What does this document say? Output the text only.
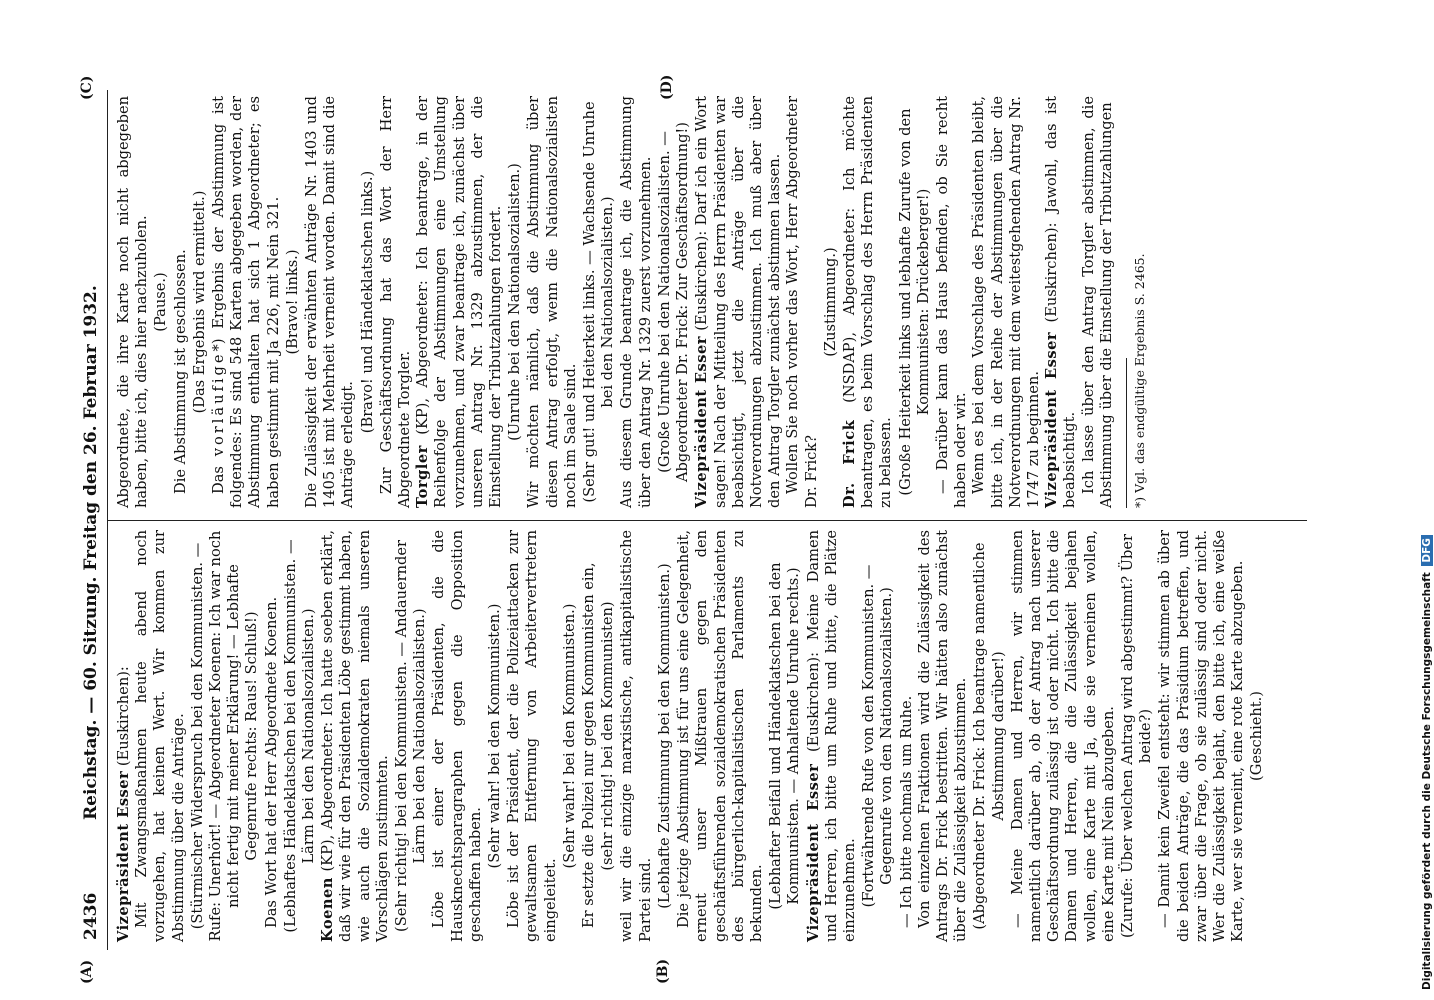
2436
Reichstag. — 60. Sitzung. Freitag den 26. Februar 1932.
(A)	(B)
(C)	(D)

Vizepräsident Esser (Euskirchen): Mit Zwangsmaßnahmen heute abend noch vorzugehen, hat keinen Wert. Wir kommen zur Abstimmung über die Anträge. (Stürmischer Widerspruch bei den Kommunisten. — Rufe: Unerhört! — Abgeordneter Koenen: Ich war noch nicht fertig mit meiner Erklärung! — Lebhafte Gegenrufe rechts: Raus! Schluß!) Das Wort hat der Herr Abgeordnete Koenen. (Lebhaftes Händeklatschen bei den Kommunisten. — Lärm bei den Nationalsozialisten.)

Koenen (KP), Abgeordneter: Ich hatte soeben erklärt, daß wir wie für den Präsidenten Löbe gestimmt haben, wie auch die Sozialdemokraten niemals unseren Vorschlägen zustimmten. (Sehr richtig! bei den Kommunisten. — Andauernder Lärm bei den Nationalsozialisten.) Löbe ist einer der Präsidenten, die die Hausknechtsparagraphen gegen die Opposition geschaffen haben.

(Sehr wahr! bei den Kommunisten.) Löbe ist der Präsident, der die Polizeiattacken zur gewaltsamen Entfernung von Arbeitervertretern eingeleitet.

(Sehr wahr! bei den Kommunisten.) Er setzte die Polizei nur gegen Kommunisten ein, (sehr richtig! bei den Kommunisten) weil wir die einzige marxistische, antikapitalistische Partei sind. (Lebhafte Zustimmung bei den Kommunisten.) Die jetzige Abstimmung ist für uns eine Gelegenheit, erneut unser Mißtrauen gegen den geschäftsführenden sozialdemokratischen Präsidenten des bürgerlich-kapitalistischen Parlaments zu bekunden. (Lebhafter Beifall und Händeklatschen bei den Kommunisten. — Anhaltende Unruhe rechts.) Vizepräsident Esser (Euskirchen): Meine Damen und Herren, ich bitte um Ruhe und bitte, die Plätze einzunehmen. (Fortwährende Rufe von den Kommunisten. — Gegenrufe von den Nationalsozialisten.) — Ich bitte nochmals um Ruhe. Von einzelnen Fraktionen wird die Zulässigkeit des Antrags Dr. Frick bestritten. Wir hätten also zunächst über die Zulässigkeit abzustimmen. (Abgeordneter Dr. Frick: Ich beantrage namentliche Abstimmung darüber!) — Meine Damen und Herren, wir stimmen namentlich darüber ab, ob der Antrag nach unserer Geschäftsordnung zulässig ist oder nicht. Ich bitte die Damen und Herren, die die Zulässigkeit bejahen wollen, eine Karte mit Ja, die sie verneinen wollen, eine Karte mit Nein abzugeben. (Zurufe: Über welchen Antrag wird abgestimmt? Über beide?) — Damit kein Zweifel entsteht: wir stimmen ab über die beiden Anträge, die das Präsidium betreffen, und zwar über die Frage, ob sie zulässig sind oder nicht. Wer die Zulässigkeit bejaht, den bitte ich, eine weiße Karte, wer sie verneint, eine rote Karte abzugeben. (Geschieht.)

Abgeordnete, die ihre Karte noch nicht abgegeben haben, bitte ich, dies hier nachzuholen. (Pause.) Die Abstimmung ist geschlossen. (Das Ergebnis wird ermittelt.)

Das vorläufige*) Ergebnis der Abstimmung ist folgendes: Es sind 548 Karten abgegeben worden, der Abstimmung enthalten hat sich 1 Abgeordneter; es haben gestimmt mit Ja 226, mit Nein 321. (Bravo! links.) Die Zulässigkeit der erwähnten Anträge Nr. 1403 und 1405 ist mit Mehrheit verneint worden. Damit sind die Anträge erledigt.

(Bravo! und Händeklatschen links.) Zur Geschäftsordnung hat das Wort der Herr Abgeordnete Torgler. Torgler (KP), Abgeordneter: Ich beantrage, in der Reihenfolge der Abstimmungen eine Umstellung vorzunehmen, und zwar beantrage ich, zunächst über unseren Antrag Nr. 1329 abzustimmen, der die Einstellung der Tributzahlungen fordert. (Unruhe bei den Nationalsozialisten.) Wir möchten nämlich, daß die Abstimmung über diesen Antrag erfolgt, wenn die Nationalsozialisten noch im Saale sind. (Sehr gut! und Heiterkeit links. — Wachsende Unruhe bei den Nationalsozialisten.) Aus diesem Grunde beantrage ich, die Abstimmung über den Antrag Nr. 1329 zuerst vorzunehmen. (Große Unruhe bei den Nationalsozialisten. — Abgeordneter Dr. Frick: Zur Geschäftsordnung!) Vizepräsident Esser (Euskirchen): Darf ich ein Wort sagen! Nach der Mitteilung des Herrn Präsidenten war beabsichtigt, jetzt die Anträge über die Notverordnungen abzustimmen. Ich muß aber über den Antrag Torgler zunächst abstimmen lassen. Wollen Sie noch vorher das Wort, Herr Abgeordneter Dr. Frick?

(Zustimmung.)

Dr. Frick (NSDAP), Abgeordneter: Ich möchte beantragen, es beim Vorschlag des Herrn Präsidenten zu belassen. (Große Heiterkeit links und lebhafte Zurufe von den Kommunisten: Drückeberger!) — Darüber kann das Haus befinden, ob Sie recht haben oder wir. Wenn es bei dem Vorschlage des Präsidenten bleibt, bitte ich, in der Reihe der Abstimmungen über die Notverordnungen mit dem weitestgehenden Antrag Nr. 1747 zu beginnen. Vizepräsident Esser (Euskirchen): Jawohl, das ist beabsichtigt. Ich lasse über den Antrag Torgler abstimmen, die Abstimmung über die Einstellung der Tributzahlungen *) Vgl. das endgültige Ergebnis S. 2465.
Digitalisierung gefördert durch die Deutsche Forschungsgemeinschaft DFG
